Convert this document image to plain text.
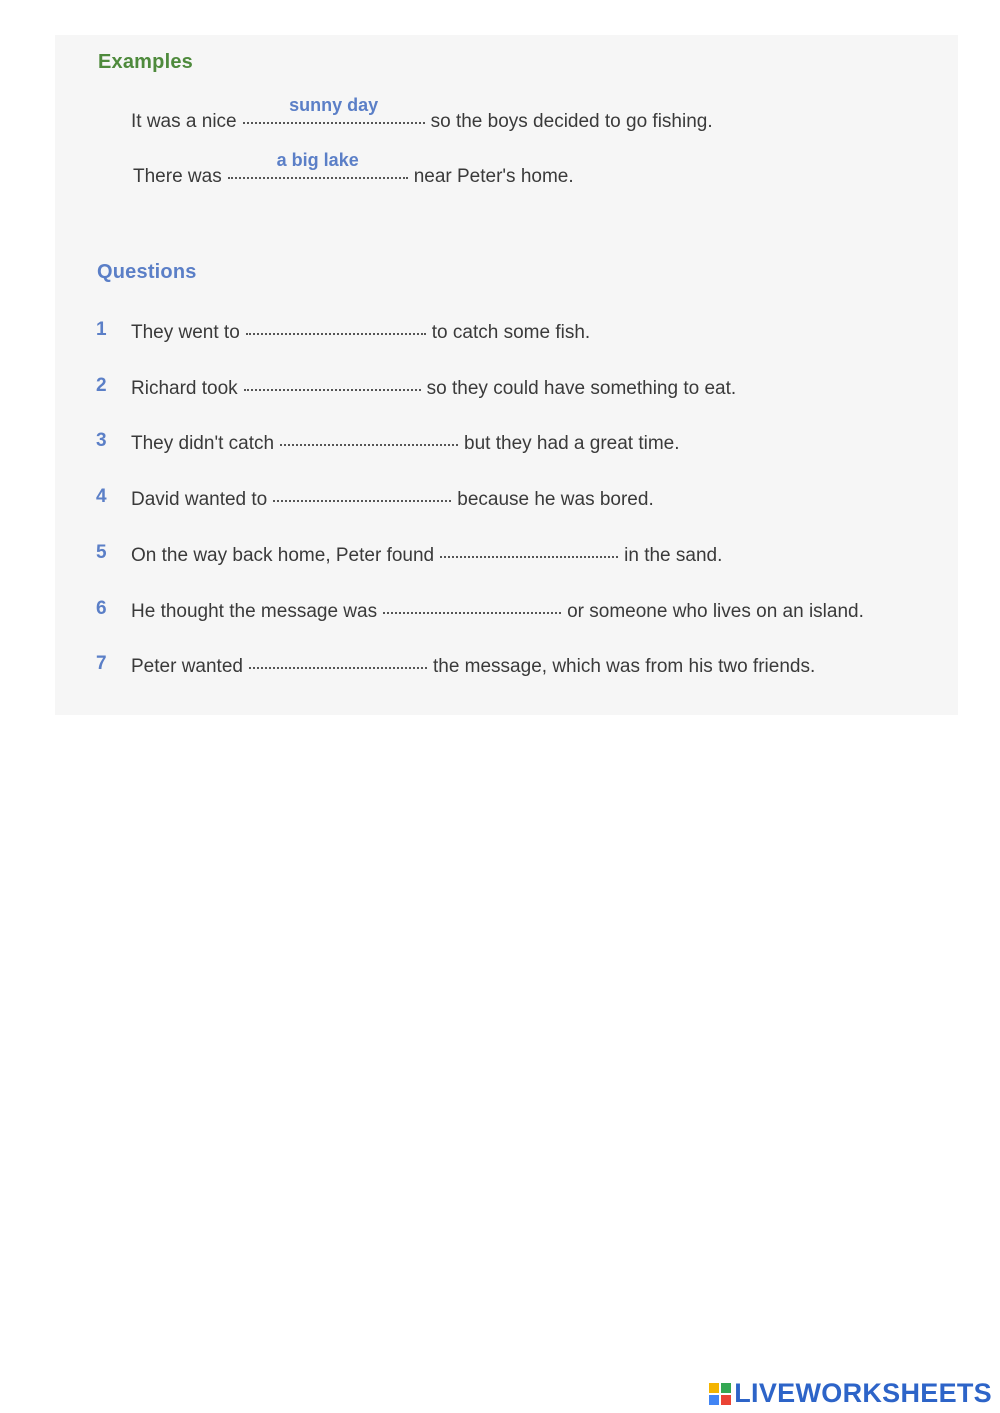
Examples
It was a nice
sunny day
so the boys decided to go fishing.
There was
a big lake
near Peter's home.
Questions
1 They went to	to catch some fish.
2 Richard took	so they could have something to eat.
3 They didn't catch	but they had a great time.
4 David wanted to	because he was bored.
5 On the way back home, Peter found	in the sand.
6 He thought the message was	or someone who lives on an island.
7 Peter wanted	the message, which was from his two friends.
LIVEWORKSHEETS
